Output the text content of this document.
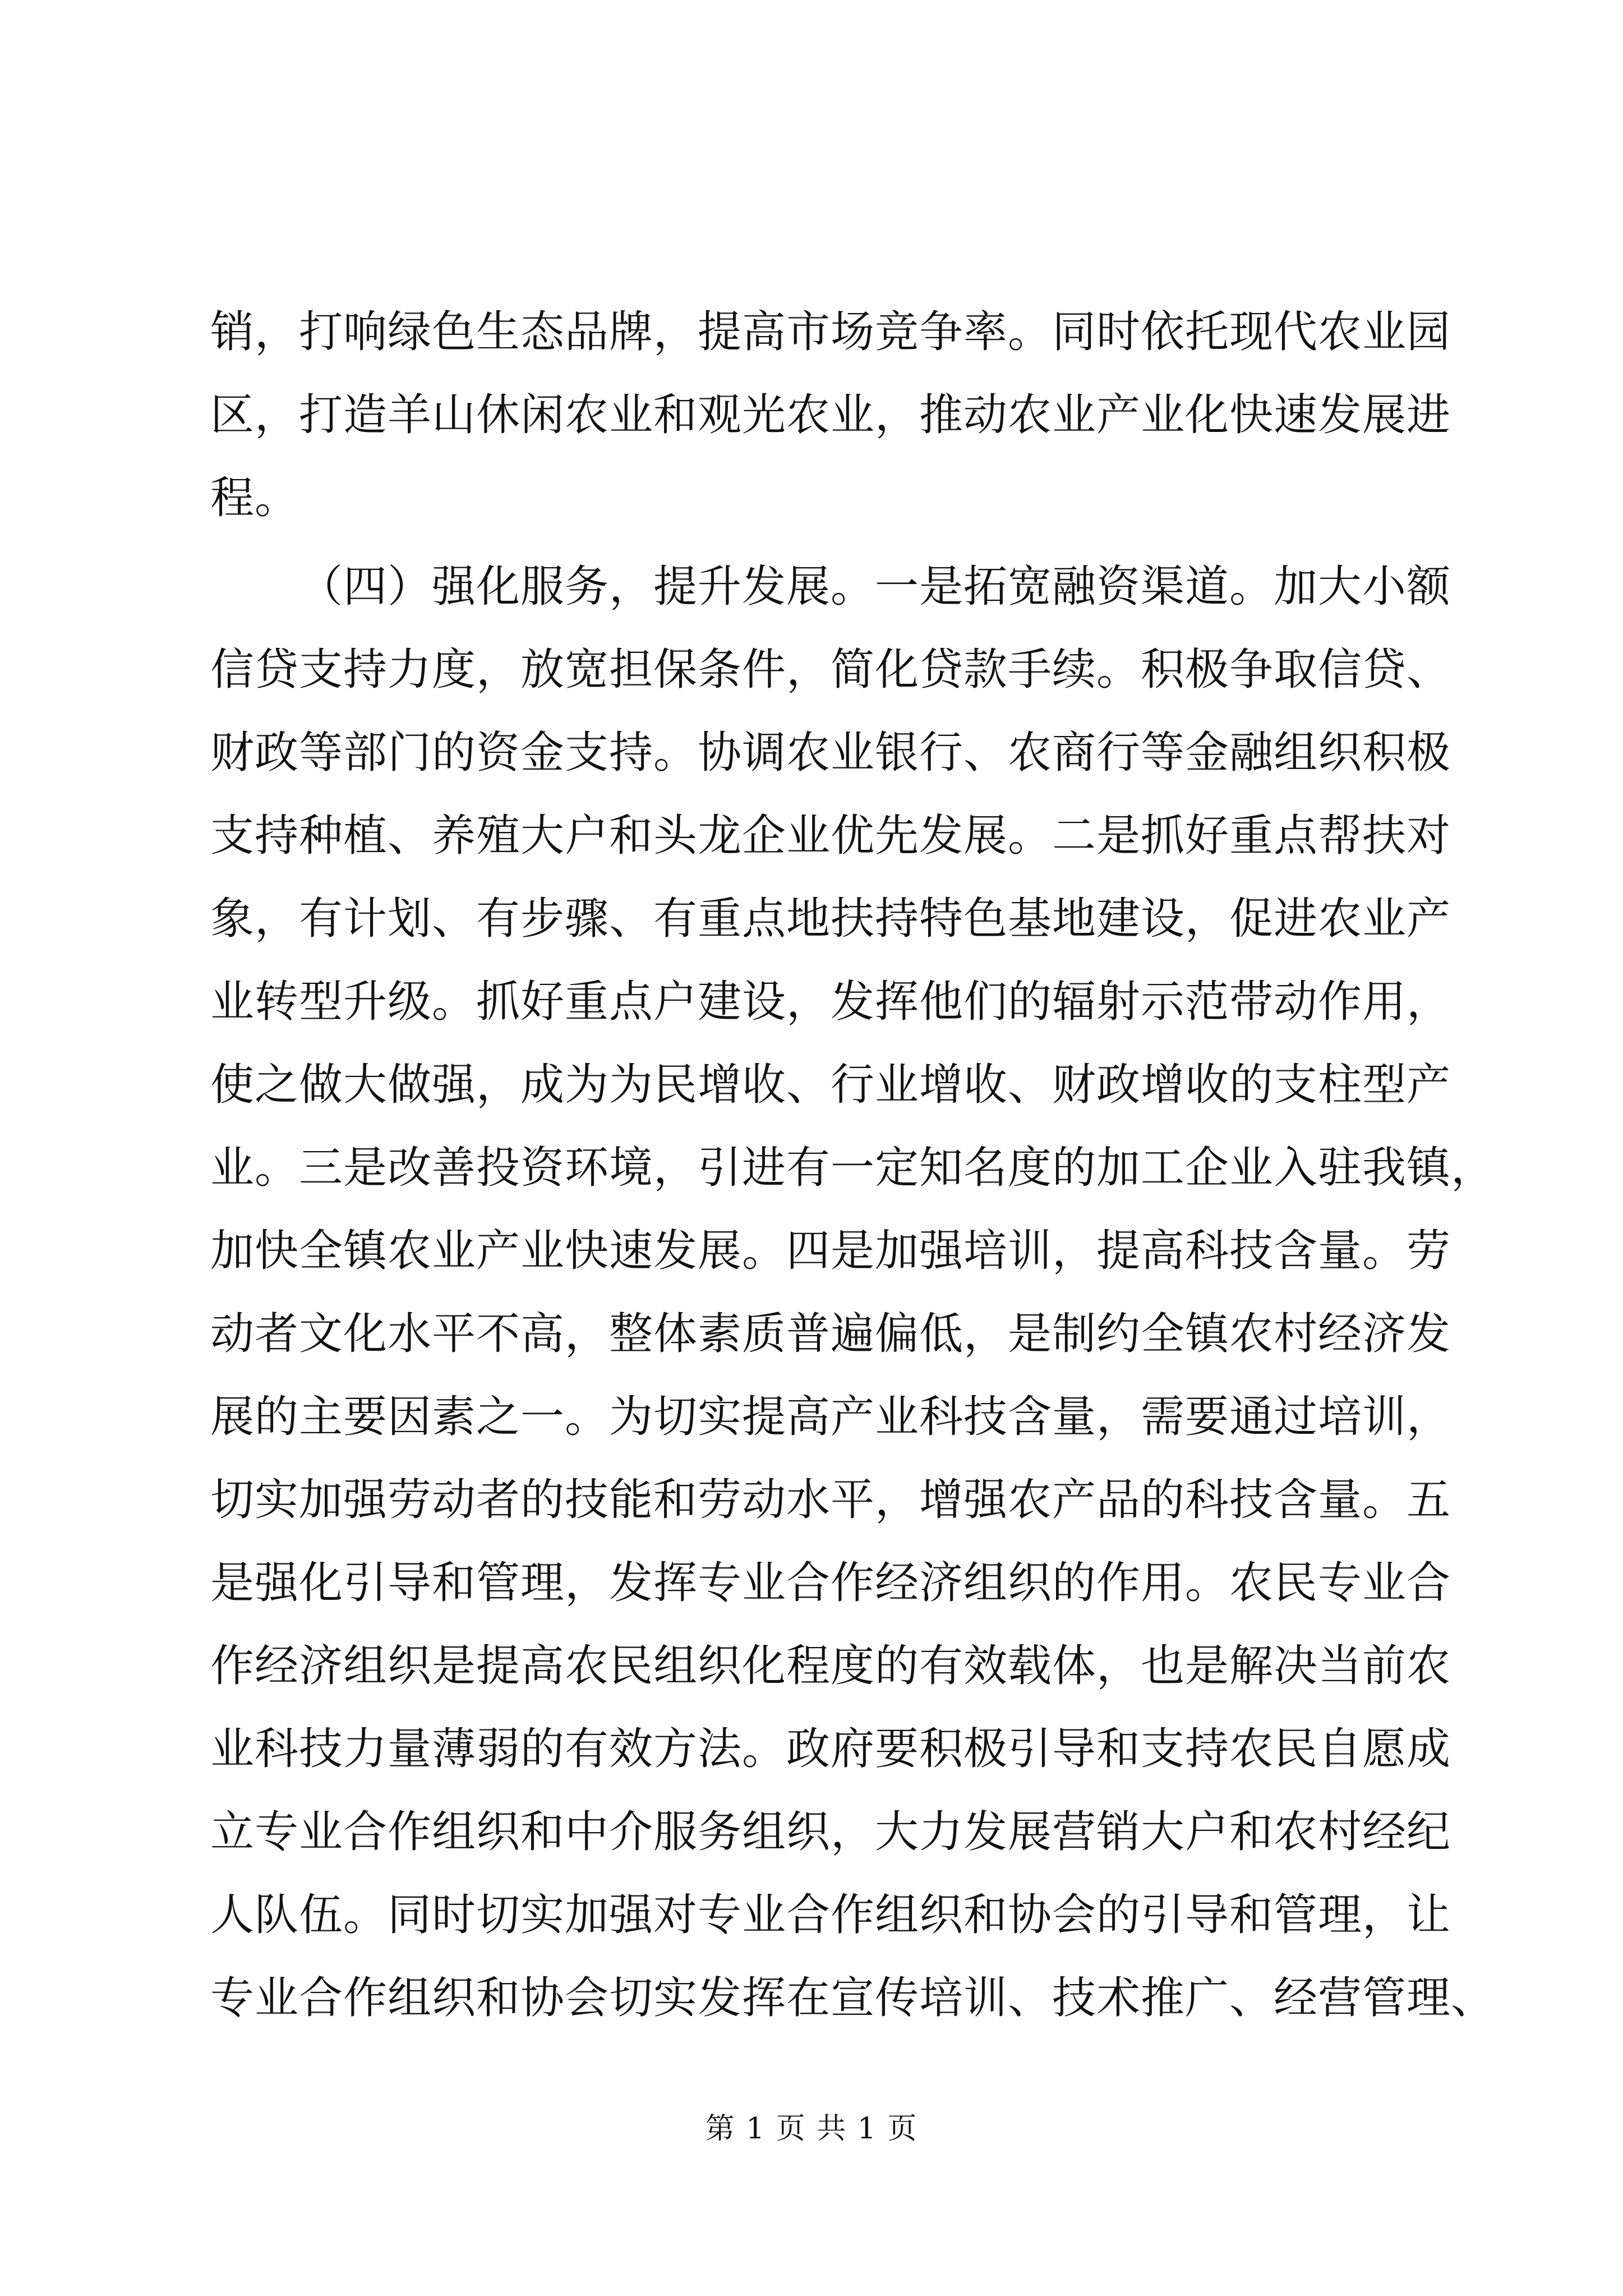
销，打响绿色生态品牌，提高市场竞争率。同时依托现代农业园
区，打造羊山休闲农业和观光农业，推动农业产业化快速发展进
程。
（四）强化服务，提升发展。一是拓宽融资渠道。加大小额
信贷支持力度，放宽担保条件，简化贷款手续。积极争取信贷、
财政等部门的资金支持。协调农业银行、农商行等金融组织积极
支持种植、养殖大户和头龙企业优先发展。二是抓好重点帮扶对
象，有计划、有步骤、有重点地扶持特色基地建设，促进农业产
业转型升级。抓好重点户建设，发挥他们的辐射示范带动作用，
使之做大做强，成为为民增收、行业增收、财政增收的支柱型产
业。三是改善投资环境，引进有一定知名度的加工企业入驻我镇，
加快全镇农业产业快速发展。四是加强培训，提高科技含量。劳
动者文化水平不高，整体素质普遍偏低，是制约全镇农村经济发
展的主要因素之一。为切实提高产业科技含量，需要通过培训，
切实加强劳动者的技能和劳动水平，增强农产品的科技含量。五
是强化引导和管理，发挥专业合作经济组织的作用。农民专业合
作经济组织是提高农民组织化程度的有效载体，也是解决当前农
业科技力量薄弱的有效方法。政府要积极引导和支持农民自愿成
立专业合作组织和中介服务组织，大力发展营销大户和农村经纪
人队伍。同时切实加强对专业合作组织和协会的引导和管理，让
专业合作组织和协会切实发挥在宣传培训、技术推广、经营管理、
第 1 页 共 1 页
